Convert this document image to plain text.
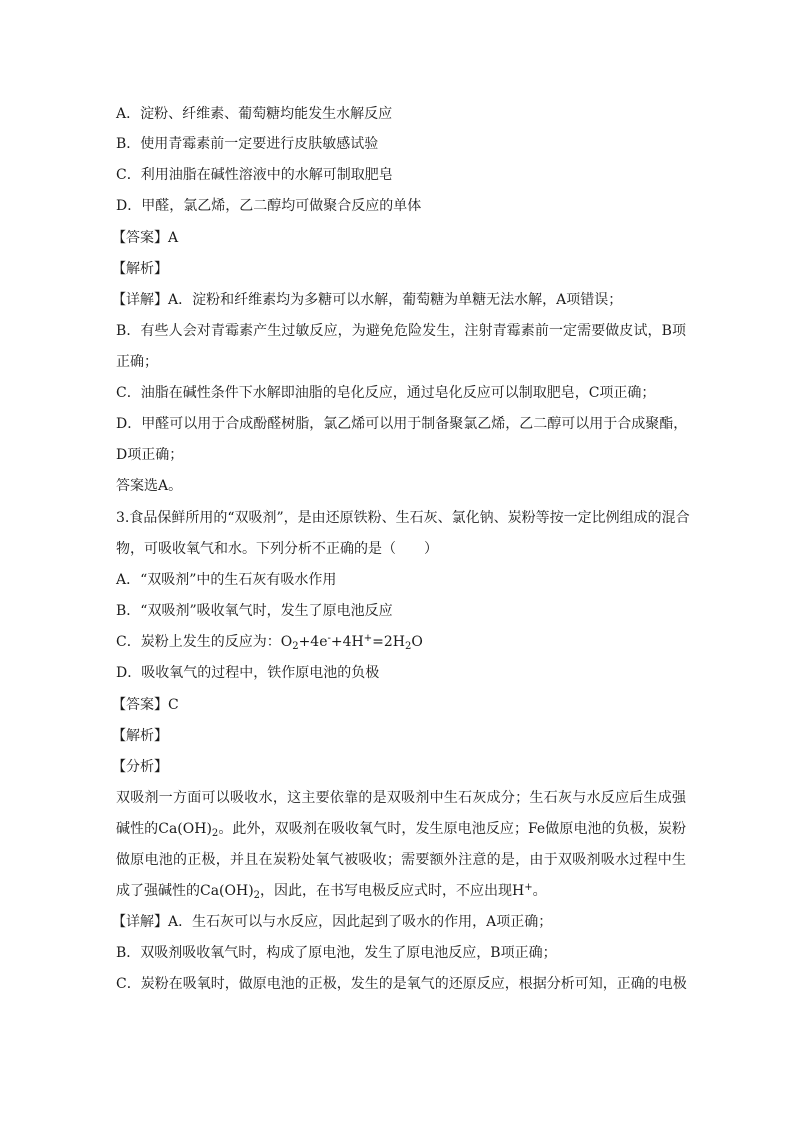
A．淀粉、纤维素、葡萄糖均能发生水解反应
B．使用青霉素前一定要进行皮肤敏感试验
C．利用油脂在碱性溶液中的水解可制取肥皂
D．甲醛，氯乙烯，乙二醇均可做聚合反应的单体
【答案】A
【解析】
【详解】A．淀粉和纤维素均为多糖可以水解，葡萄糖为单糖无法水解，A项错误；
B．有些人会对青霉素产生过敏反应，为避免危险发生，注射青霉素前一定需要做皮试，B项
正确；
C．油脂在碱性条件下水解即油脂的皂化反应，通过皂化反应可以制取肥皂，C项正确；
D．甲醛可以用于合成酚醛树脂，氯乙烯可以用于制备聚氯乙烯，乙二醇可以用于合成聚酯，
D项正确；
答案选A。
3.食品保鲜所用的“双吸剂”，是由还原铁粉、生石灰、氯化钠、炭粉等按一定比例组成的混合
物，可吸收氧气和水。下列分析不正确的是（　　）
A．“双吸剂”中的生石灰有吸水作用
B．“双吸剂”吸收氧气时，发生了原电池反应
C．炭粉上发生的反应为：$O_2+4e^-+4H^+=2H_2O$
D．吸收氧气的过程中，铁作原电池的负极
【答案】C
【解析】
【分析】
双吸剂一方面可以吸收水，这主要依靠的是双吸剂中生石灰成分；生石灰与水反应后生成强
碱性的$Ca(OH)_2$。此外，双吸剂在吸收氧气时，发生原电池反应；Fe做原电池的负极，炭粉
做原电池的正极，并且在炭粉处氧气被吸收；需要额外注意的是，由于双吸剂吸水过程中生
成了强碱性的$Ca(OH)_2$，因此，在书写电极反应式时，不应出现H+。
【详解】A．生石灰可以与水反应，因此起到了吸水的作用，A项正确；
B．双吸剂吸收氧气时，构成了原电池，发生了原电池反应，B项正确；
C．炭粉在吸氧时，做原电池的正极，发生的是氧气的还原反应，根据分析可知，正确的电极
